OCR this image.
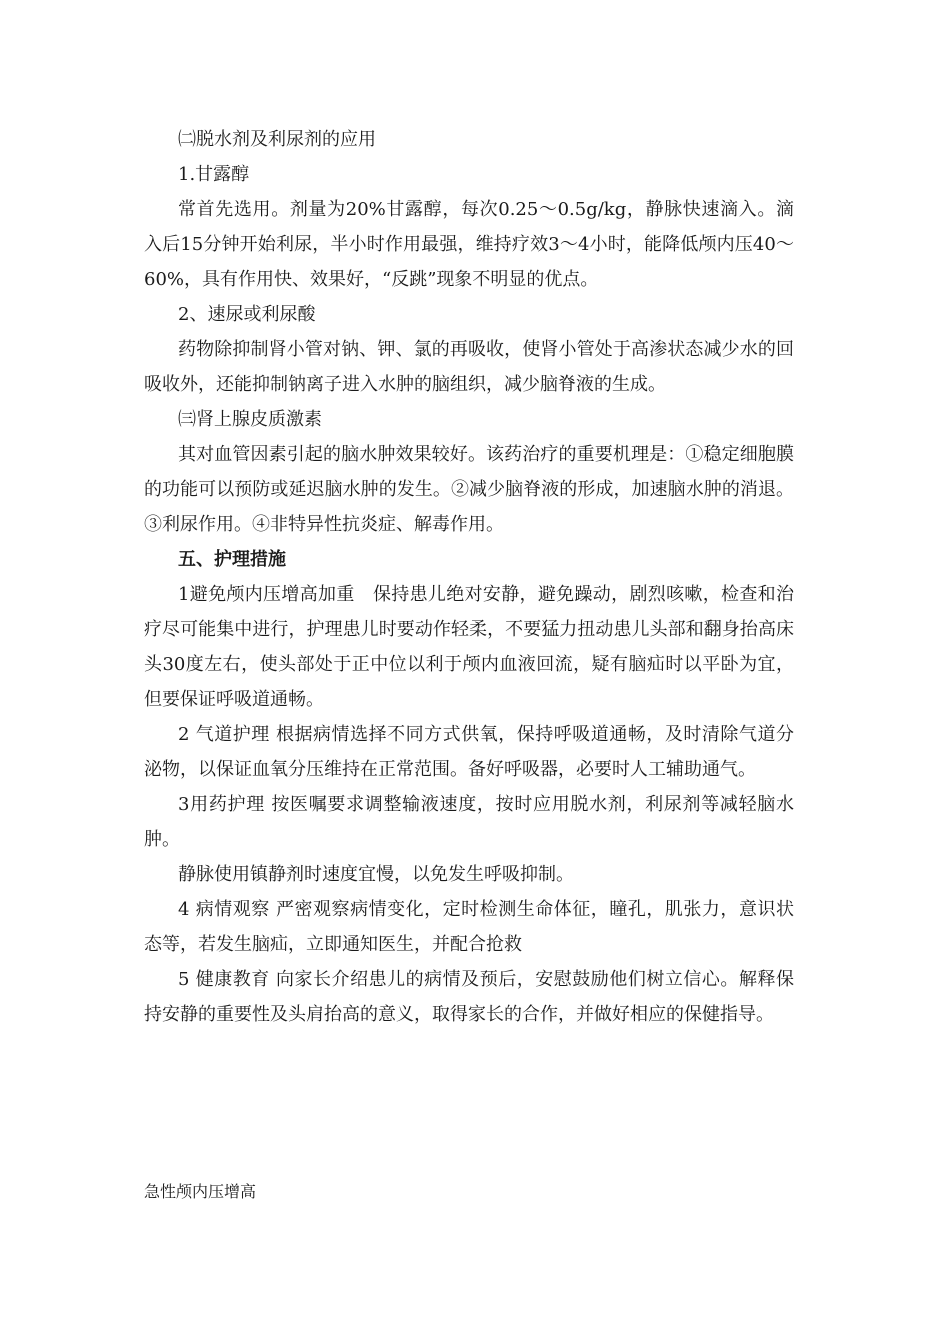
㈡脱水剂及利尿剂的应用

1.甘露醇

常首先选用。剂量为20%甘露醇，每次0.25～0.5g/kg，静脉快速滴入。滴入后15分钟开始利尿，半小时作用最强，维持疗效3～4小时，能降低颅内压40～60%，具有作用快、效果好，“反跳”现象不明显的优点。

2、速尿或利尿酸

药物除抑制肾小管对钠、钾、氯的再吸收，使肾小管处于高渗状态减少水的回吸收外，还能抑制钠离子进入水肿的脑组织，减少脑脊液的生成。

㈢肾上腺皮质激素

其对血管因素引起的脑水肿效果较好。该药治疗的重要机理是：①稳定细胞膜的功能可以预防或延迟脑水肿的发生。②减少脑脊液的形成，加速脑水肿的消退。③利尿作用。④非特异性抗炎症、解毒作用。

五、护理措施

1避免颅内压增高加重　保持患儿绝对安静，避免躁动，剧烈咳嗽，检查和治疗尽可能集中进行，护理患儿时要动作轻柔，不要猛力扭动患儿头部和翻身抬高床头30度左右，使头部处于正中位以利于颅内血液回流，疑有脑疝时以平卧为宜，但要保证呼吸道通畅。

2 气道护理 根据病情选择不同方式供氧，保持呼吸道通畅，及时清除气道分泌物，以保证血氧分压维持在正常范围。备好呼吸器，必要时人工辅助通气。

3用药护理 按医嘱要求调整输液速度，按时应用脱水剂，利尿剂等减轻脑水肿。

静脉使用镇静剂时速度宜慢，以免发生呼吸抑制。

4 病情观察 严密观察病情变化，定时检测生命体征，瞳孔，肌张力，意识状态等，若发生脑疝，立即通知医生，并配合抢救

5 健康教育 向家长介绍患儿的病情及预后，安慰鼓励他们树立信心。解释保持安静的重要性及头肩抬高的意义，取得家长的合作，并做好相应的保健指导。

急性颅内压增高
